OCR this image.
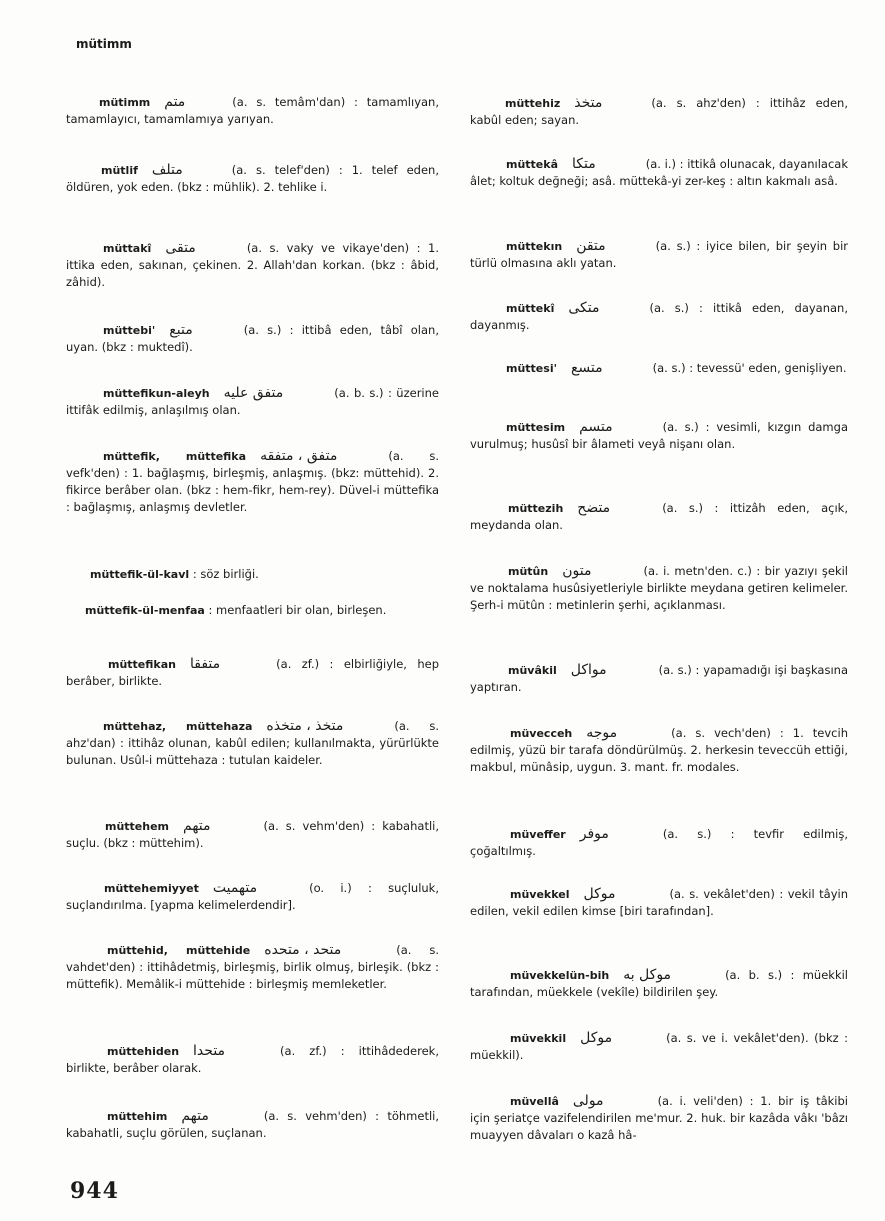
mütimm
mütimm متم	(a. s. temâm'dan) : tamamlıyan, tamamlayıcı, tamamlamıya yarıyan.
mütlif متلف	(a. s. telef'den) : 1. telef eden, öldüren, yok eden. (bkz : mühlik). 2. tehlike i.
müttakî متقى	(a. s. vaky ve vikaye'den) : 1. ittika eden, sakınan, çekinen. 2. Allah'dan korkan. (bkz : âbid, zâhid).
müttebi' متبع	(a. s.) : ittibâ eden, tâbî olan, uyan. (bkz : muktedî).
müttefikun-aleyh متفق عليه	(a. b. s.) : üzerine ittifâk edilmiş, anlaşılmış olan.
müttefik, müttefika متفق ، متفقه	(a. s. vefk'den) : 1. bağlaşmış, birleşmiş, anlaşmış. (bkz: müttehid). 2. fikirce berâber olan. (bkz : hem-fikr, hem-rey). Düvel-i müttefika : bağlaşmış, anlaşmış devletler.
müttefik-ül-kavl : söz birliği.
müttefik-ül-menfaa : menfaatleri bir olan, birleşen.
müttefikan متفقا	(a. zf.) : elbirliğiyle, hep berâber, birlikte.
müttehaz, müttehaza متخذ ، متخذه	(a. s. ahz'dan) : ittihâz olunan, kabûl edilen; kullanılmakta, yürürlükte bulunan. Usûl-i müttehaza : tutulan kaideler.
müttehem متهم	(a. s. vehm'den) : kabahatli, suçlu. (bkz : müttehim).
müttehemiyyet متهميت	(o. i.) : suçluluk, suçlandırılma. [yapma kelimelerdendir].
müttehid, müttehide متحد ، متحده	(a. s. vahdet'den) : ittihâdetmiş, birleşmiş, birlik olmuş, birleşik. (bkz : müttefik). Memâlik-i müttehide : birleşmiş memleketler.
müttehiden متحدا	(a. zf.) : ittihâdederek, birlikte, berâber olarak.
müttehim متهم	(a. s. vehm'den) : töhmetli, kabahatli, suçlu görülen, suçlanan.
müttehiz متخذ	(a. s. ahz'den) : ittihâz eden, kabûl eden; sayan.
müttekâ متكا	(a. i.) : ittikâ olunacak, dayanılacak âlet; koltuk değneği; asâ. müttekâ-yi zer-keş : altın kakmalı asâ.
müttekın متقن	(a. s.) : iyice bilen, bir şeyin bir türlü olmasına aklı yatan.
müttekî متكى	(a. s.) : ittikâ eden, dayanan, dayanmış.
müttesi' متسع	(a. s.) : tevessü' eden, genişliyen.
müttesim متسم	(a. s.) : vesimli, kızgın damga vurulmuş; husûsî bir âlameti veyâ nişanı olan.
müttezih متضح	(a. s.) : ittizâh eden, açık, meydanda olan.
mütûn متون	(a. i. metn'den. c.) : bir yazıyı şekil ve noktalama husûsiyetleriyle birlikte meydana getiren kelimeler. Şerh-i mütûn : metinlerin şerhi, açıklanması.
müvâkil مواكل	(a. s.) : yapamadığı işi başkasına yaptıran.
müvecceh موجه	(a. s. vech'den) : 1. tevcih edilmiş, yüzü bir tarafa döndürülmüş. 2. herkesin teveccüh ettiği, makbul, münâsip, uygun. 3. mant. fr. modales.
müveffer موفر	(a. s.) : tevfir edilmiş, çoğaltılmış.
müvekkel موكل	(a. s. vekâlet'den) : vekil tâyin edilen, vekil edilen kimse [biri tarafından].
müvekkelün-bih موكل به	(a. b. s.) : müekkil tarafından, müekkele (vekîle) bildirilen şey.
müvekkil موكل	(a. s. ve i. vekâlet'den). (bkz : müekkil).
müvellâ مولى	(a. i. veli'den) : 1. bir iş tâkibi için şeriatçe vazifelendirilen me'mur. 2. huk. bir kazâda vâkı 'bâzı muayyen dâvaları o kazâ hâ-
944
